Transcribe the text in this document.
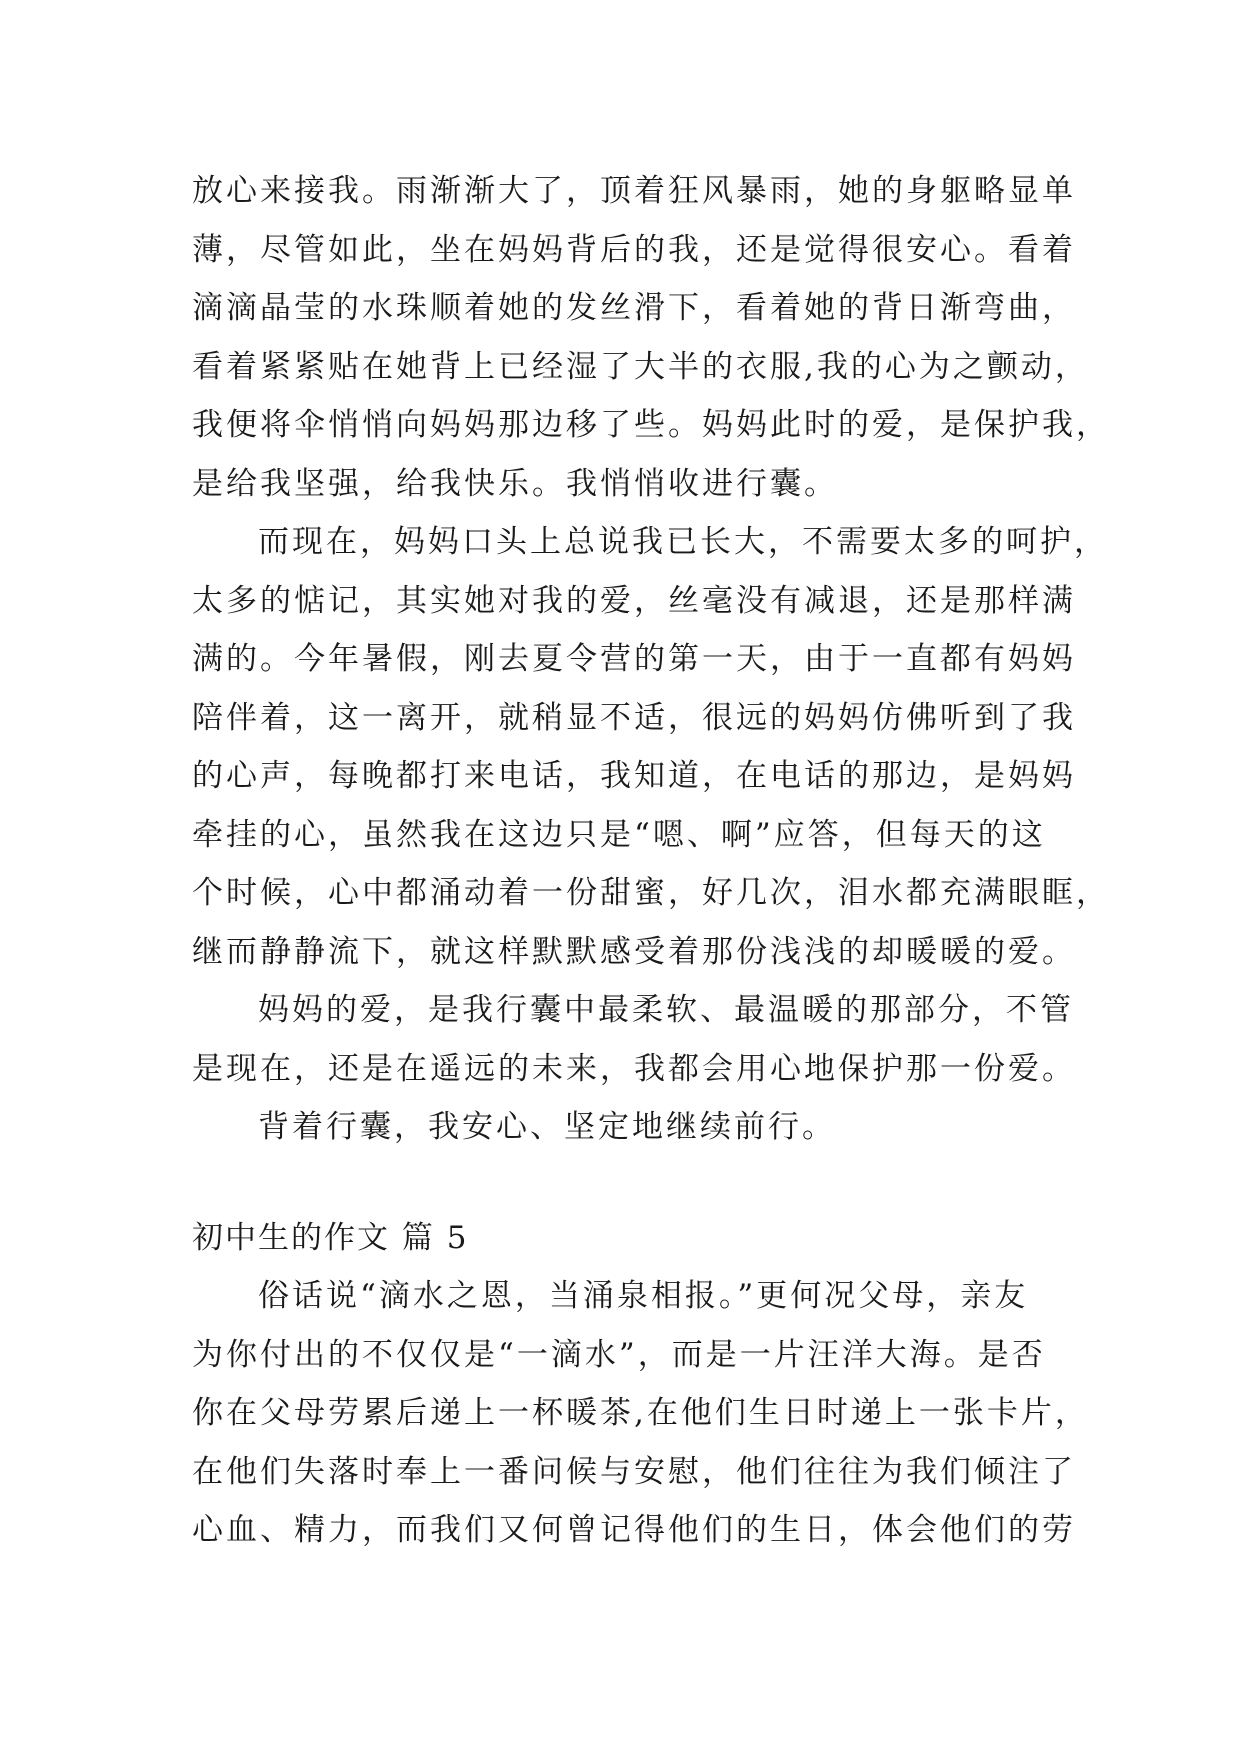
放心来接我。雨渐渐大了，顶着狂风暴雨，她的身躯略显单
薄，尽管如此，坐在妈妈背后的我，还是觉得很安心。看着
滴滴晶莹的水珠顺着她的发丝滑下，看着她的背日渐弯曲，
看着紧紧贴在她背上已经湿了大半的衣服,我的心为之颤动，
我便将伞悄悄向妈妈那边移了些。妈妈此时的爱，是保护我，
是给我坚强，给我快乐。我悄悄收进行囊。
而现在，妈妈口头上总说我已长大，不需要太多的呵护，
太多的惦记，其实她对我的爱，丝毫没有减退，还是那样满
满的。今年暑假，刚去夏令营的第一天，由于一直都有妈妈
陪伴着，这一离开，就稍显不适，很远的妈妈仿佛听到了我
的心声，每晚都打来电话，我知道，在电话的那边，是妈妈
牵挂的心，虽然我在这边只是“嗯、啊”应答，但每天的这
个时候，心中都涌动着一份甜蜜，好几次，泪水都充满眼眶，
继而静静流下，就这样默默感受着那份浅浅的却暖暖的爱。
妈妈的爱，是我行囊中最柔软、最温暖的那部分，不管
是现在，还是在遥远的未来，我都会用心地保护那一份爱。
背着行囊，我安心、坚定地继续前行。
初中生的作文 篇 5
俗话说“滴水之恩，当涌泉相报。”更何况父母，亲友
为你付出的不仅仅是“一滴水”，而是一片汪洋大海。是否
你在父母劳累后递上一杯暖茶,在他们生日时递上一张卡片，
在他们失落时奉上一番问候与安慰，他们往往为我们倾注了
心血、精力，而我们又何曾记得他们的生日，体会他们的劳
